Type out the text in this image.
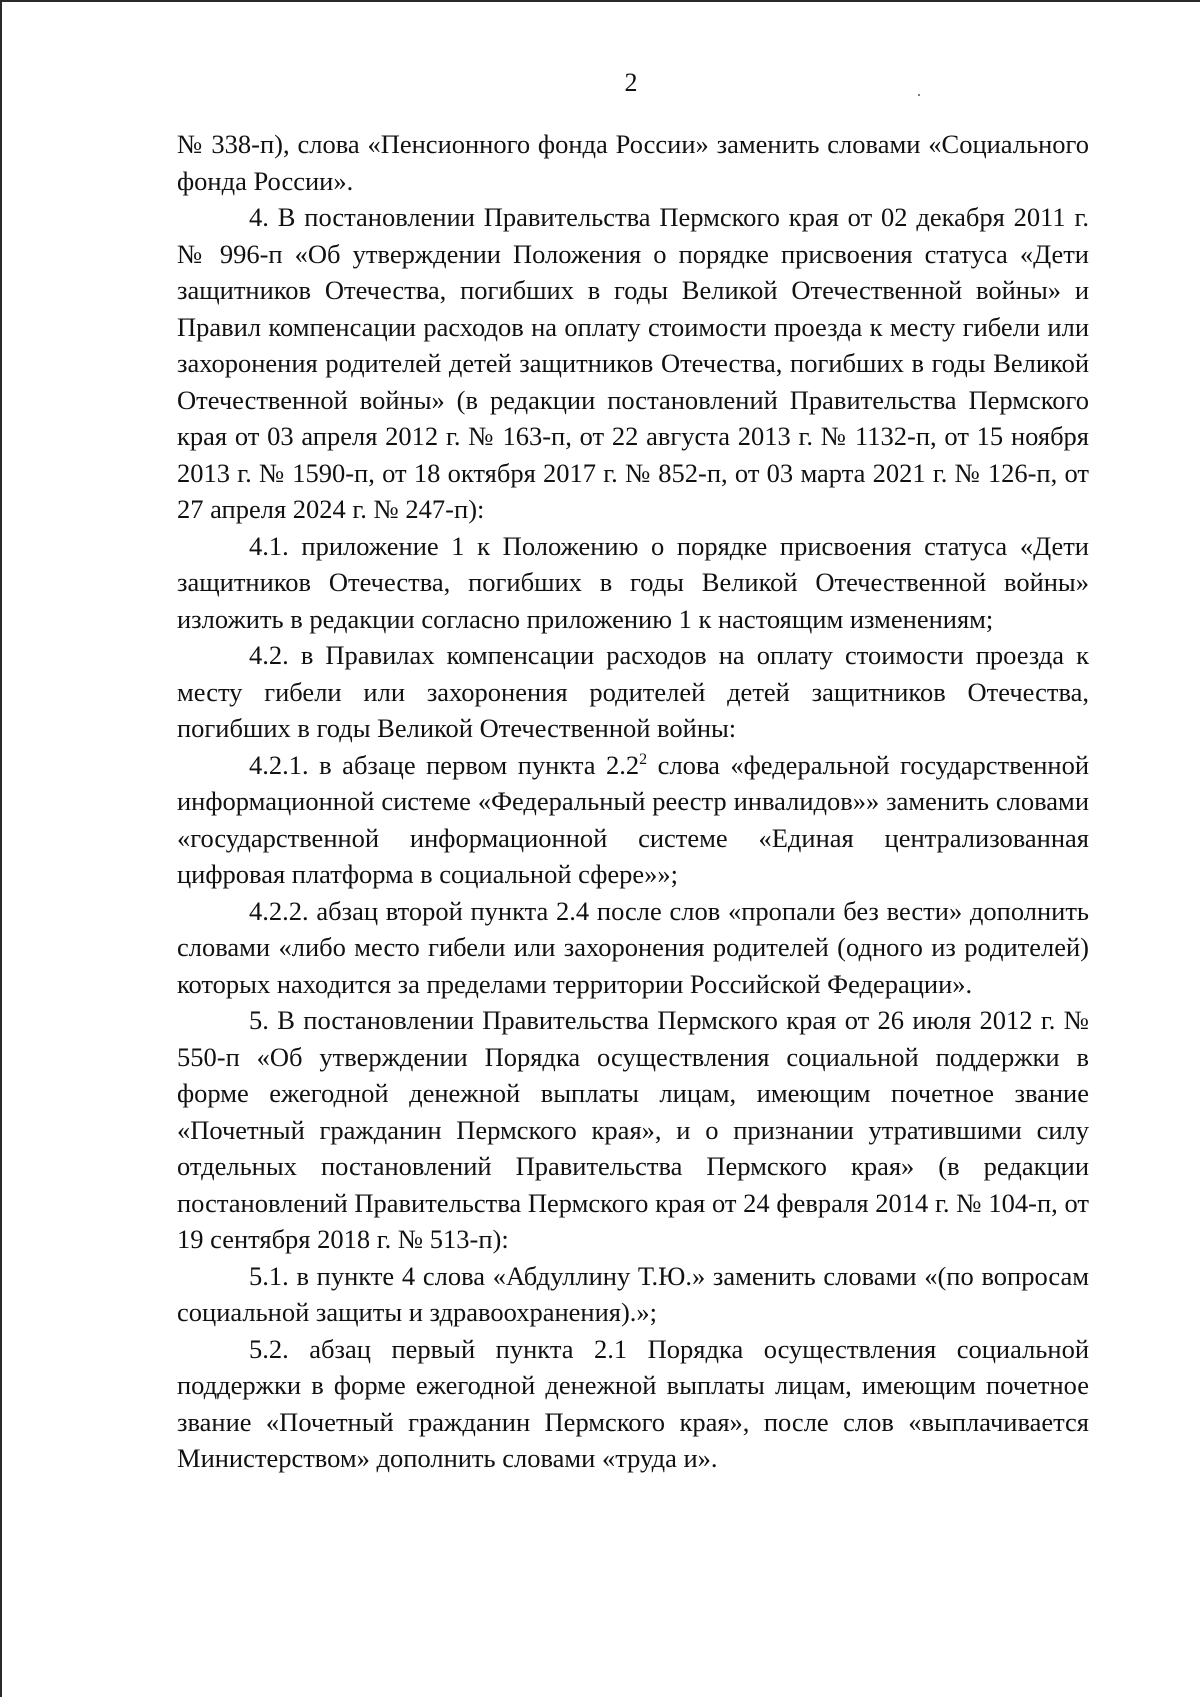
2

№ 338-п), слова «Пенсионного фонда России» заменить словами «Социального фонда России».

4. В постановлении Правительства Пермского края от 02 декабря 2011 г. № 996-п «Об утверждении Положения о порядке присвоения статуса «Дети защитников Отечества, погибших в годы Великой Отечественной войны» и Правил компенсации расходов на оплату стоимости проезда к месту гибели или захоронения родителей детей защитников Отечества, погибших в годы Великой Отечественной войны» (в редакции постановлений Правительства Пермского края от 03 апреля 2012 г. № 163-п, от 22 августа 2013 г. № 1132-п, от 15 ноября 2013 г. № 1590-п, от 18 октября 2017 г. № 852-п, от 03 марта 2021 г. № 126-п, от 27 апреля 2024 г. № 247-п):

4.1. приложение 1 к Положению о порядке присвоения статуса «Дети защитников Отечества, погибших в годы Великой Отечественной войны» изложить в редакции согласно приложению 1 к настоящим изменениям;

4.2. в Правилах компенсации расходов на оплату стоимости проезда к месту гибели или захоронения родителей детей защитников Отечества, погибших в годы Великой Отечественной войны:

4.2.1. в абзаце первом пункта $2.2^2$ слова «федеральной государственной информационной системе «Федеральный реестр инвалидов»» заменить словами «государственной информационной системе «Единая централизованная цифровая платформа в социальной сфере»»;

4.2.2. абзац второй пункта 2.4 после слов «пропали без вести» дополнить словами «либо место гибели или захоронения родителей (одного из родителей) которых находится за пределами территории Российской Федерации».

5. В постановлении Правительства Пермского края от 26 июля 2012 г. № 550-п «Об утверждении Порядка осуществления социальной поддержки в форме ежегодной денежной выплаты лицам, имеющим почетное звание «Почетный гражданин Пермского края», и о признании утратившими силу отдельных постановлений Правительства Пермского края» (в редакции постановлений Правительства Пермского края от 24 февраля 2014 г. № 104-п, от 19 сентября 2018 г. № 513-п):

5.1. в пункте 4 слова «Абдуллину Т.Ю.» заменить словами «(по вопросам социальной защиты и здравоохранения).»;

5.2. абзац первый пункта 2.1 Порядка осуществления социальной поддержки в форме ежегодной денежной выплаты лицам, имеющим почетное звание «Почетный гражданин Пермского края», после слов «выплачивается Министерством» дополнить словами «труда и».
